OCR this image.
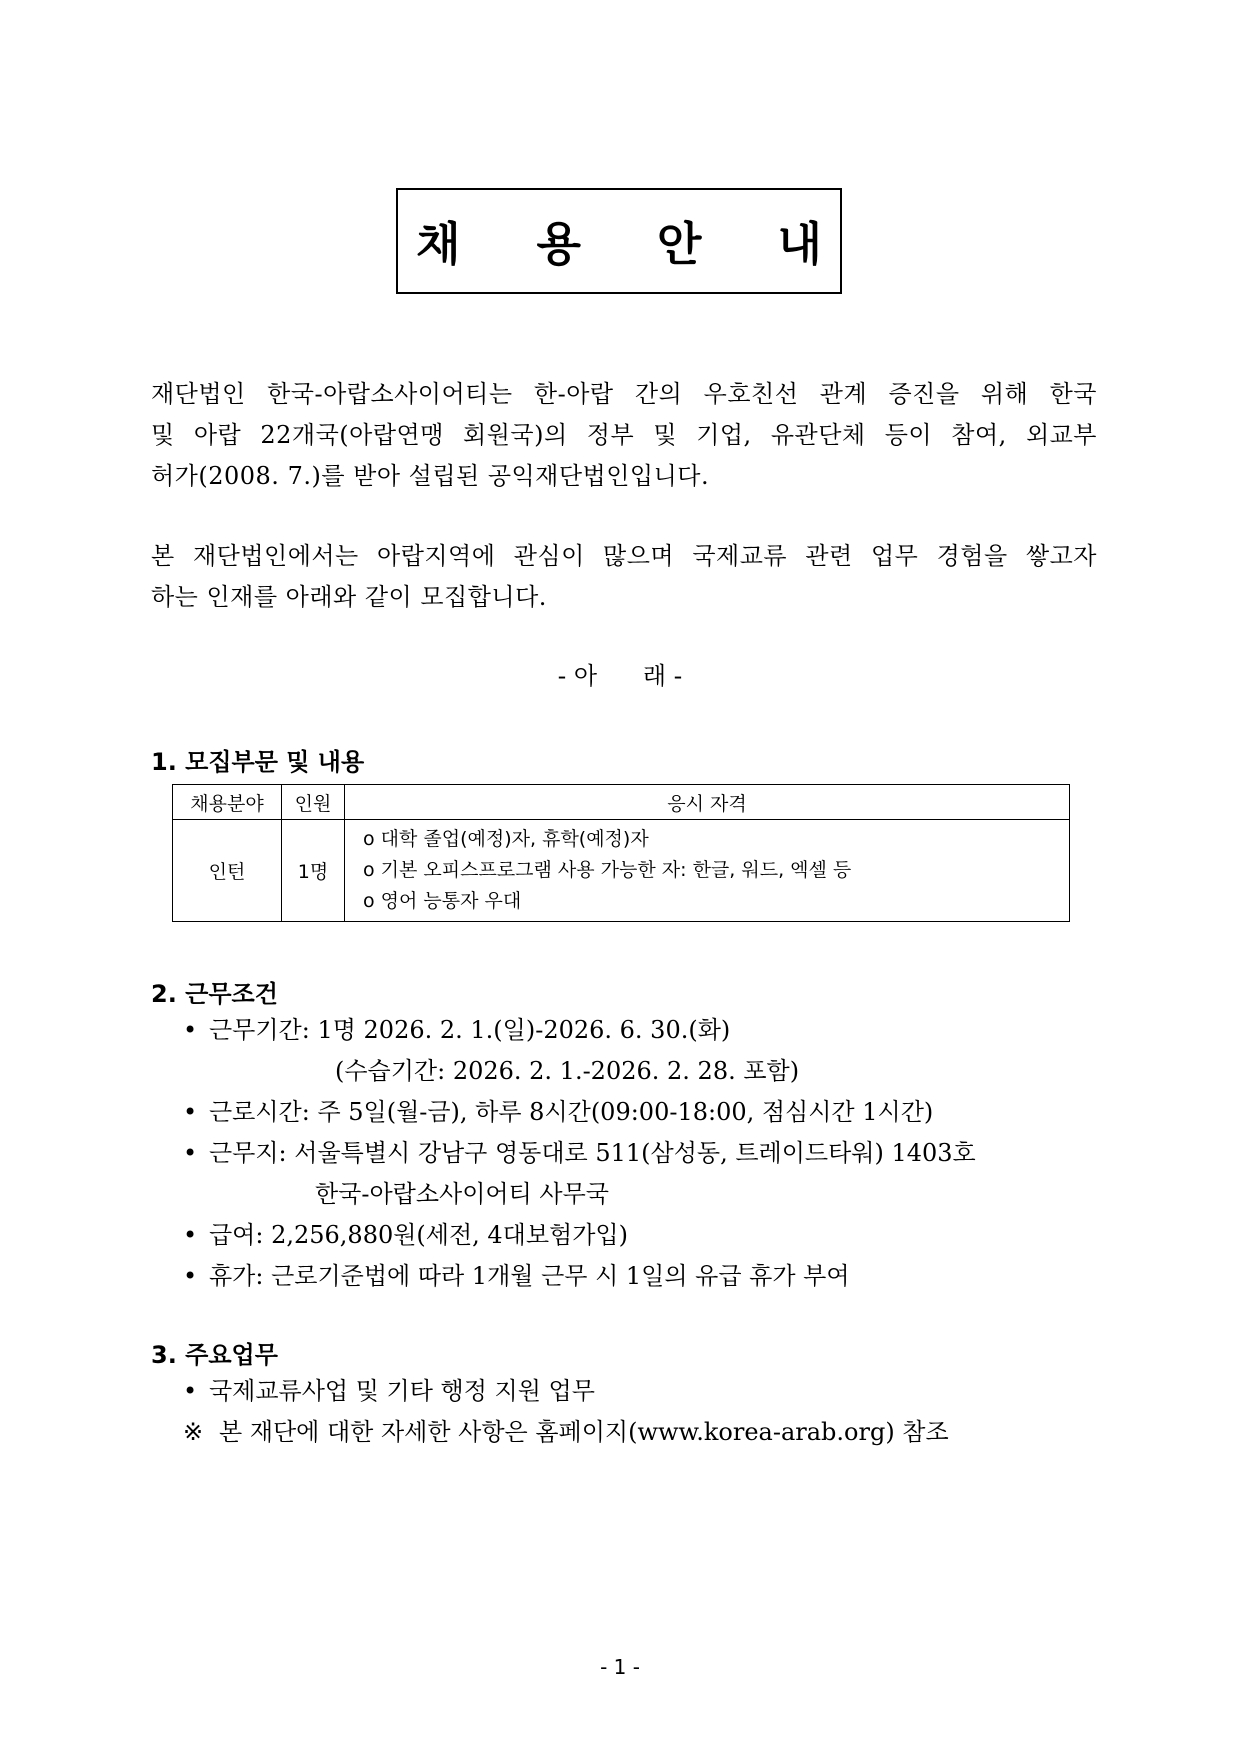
채 용 안 내
재단법인 한국-아랍소사이어티는 한-아랍 간의 우호친선 관계 증진을 위해 한국
및 아랍 22개국(아랍연맹 회원국)의 정부 및 기업, 유관단체 등이 참여, 외교부
허가(2008. 7.)를 받아 설립된 공익재단법인입니다.
본 재단법인에서는 아랍지역에 관심이 많으며 국제교류 관련 업무 경험을 쌓고자
하는 인재를 아래와 같이 모집합니다.
- 아      래 -
1. 모집부문 및 내용
채용분야	인원	응시 자격
인턴	1명	o 대학 졸업(예정)자, 휴학(예정)자
o 기본 오피스프로그램 사용 가능한 자: 한글, 워드, 엑셀 등
o 영어 능통자 우대
2. 근무조건
• 근무기간: 1명 2026. 2. 1.(일)-2026. 6. 30.(화)
(수습기간: 2026. 2. 1.-2026. 2. 28. 포함)
• 근로시간: 주 5일(월-금), 하루 8시간(09:00-18:00, 점심시간 1시간)
• 근무지: 서울특별시 강남구 영동대로 511(삼성동, 트레이드타워) 1403호
한국-아랍소사이어티 사무국
• 급여: 2,256,880원(세전, 4대보험가입)
• 휴가: 근로기준법에 따라 1개월 근무 시 1일의 유급 휴가 부여
3. 주요업무
• 국제교류사업 및 기타 행정 지원 업무
※ 본 재단에 대한 자세한 사항은 홈페이지(www.korea-arab.org) 참조
- 1 -
